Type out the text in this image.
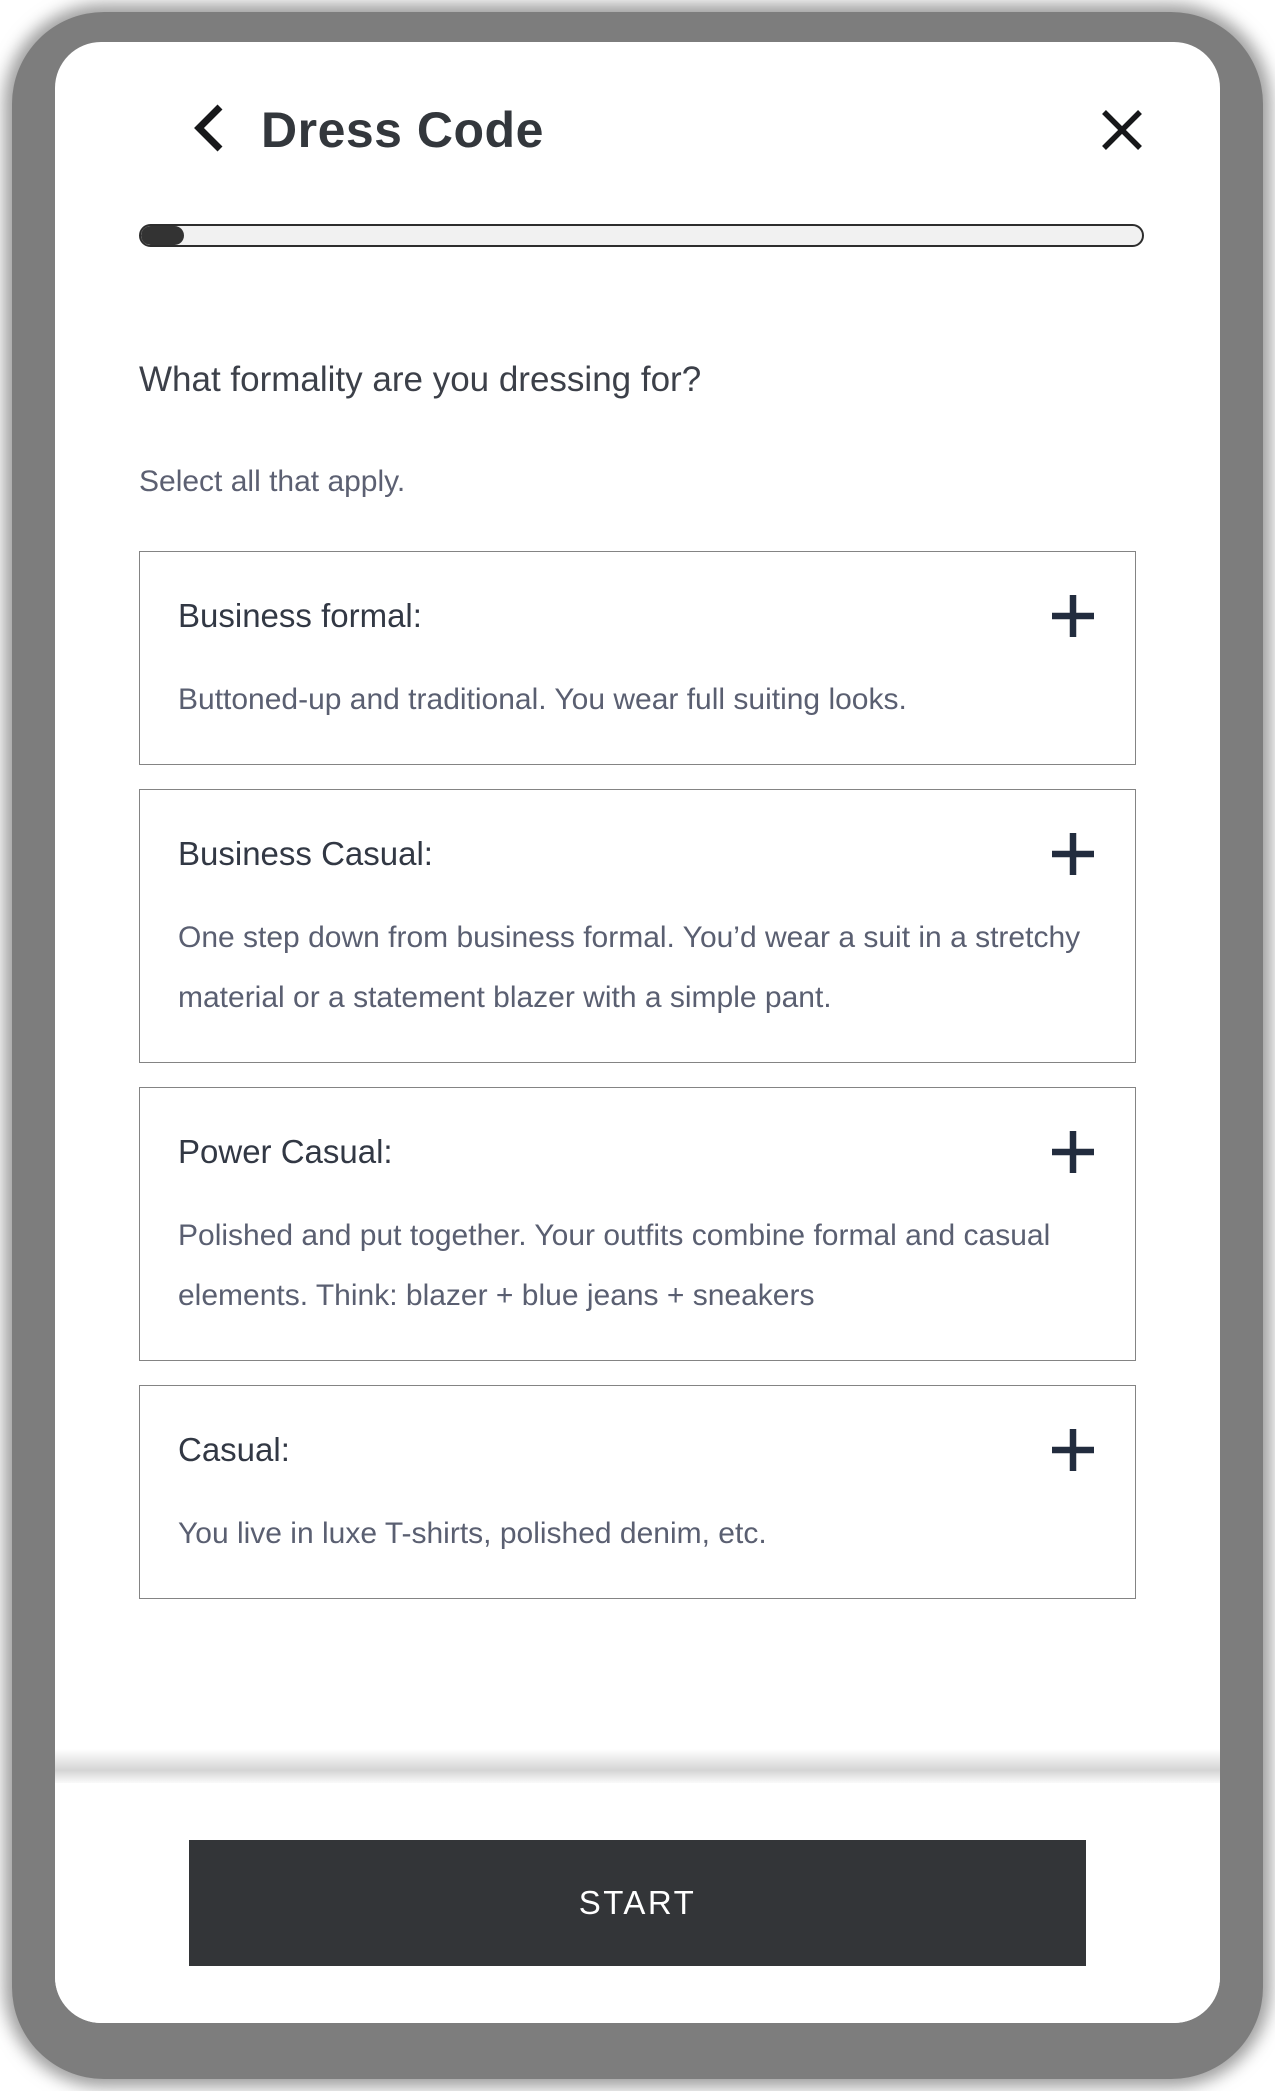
Dress Code
What formality are you dressing for?
Select all that apply.
Business formal:
Buttoned-up and traditional. You wear full suiting looks.
Business Casual:
One step down from business formal. You’d wear a suit in a stretchy material or a statement blazer with a simple pant.
Power Casual:
Polished and put together. Your outfits combine formal and casual elements. Think: blazer + blue jeans + sneakers
Casual:
You live in luxe T-shirts, polished denim, etc.
START
